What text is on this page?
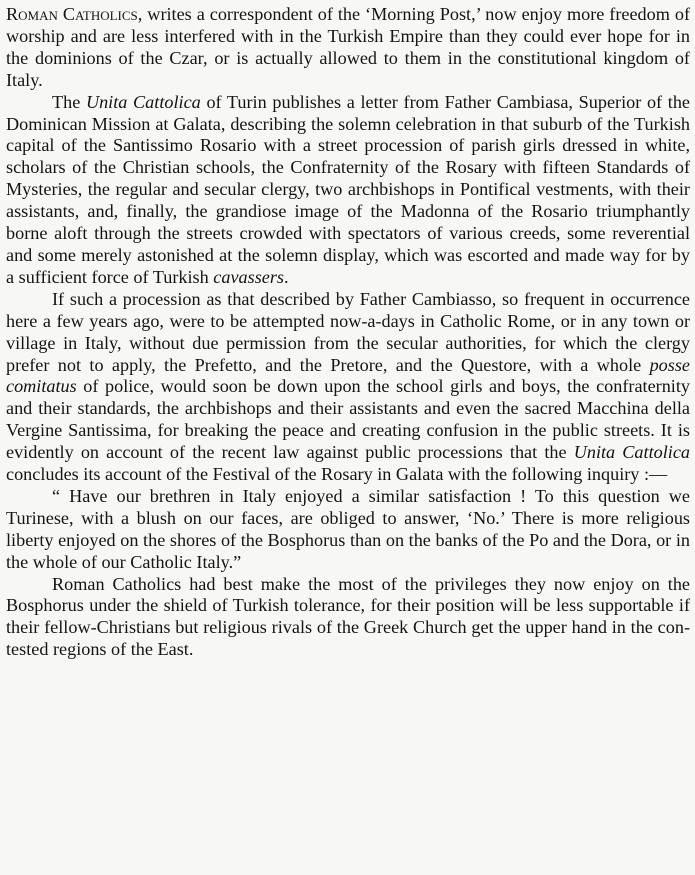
Roman Catholics, writes a correspondent of the ‘Morning Post,’ now enjoy more freedom of worship and are less interfered with in the Turkish Empire than they could ever hope for in the dominions of the Czar, or is actually allowed to them in the constitutional kingdom of Italy.

The Unita Cattolica of Turin publishes a letter from Father Cambiasa, Superior of the Dominican Mission at Galata, describing the solemn celebration in that suburb of the Turkish capital of the Santissimo Rosario with a street procession of parish girls dressed in white, scholars of the Christian schools, the Confraternity of the Rosary with fifteen Standards of Mysteries, the regular and secular clergy, two archbishops in Pontifical vestments, with their assistants, and, finally, the grandiose image of the Madonna of the Rosario triumphantly borne aloft through the streets crowded with spectators of various creeds, some reverential and some merely astonished at the solemn display, which was escorted and made way for by a sufficient force of Turkish cavassers.

If such a procession as that described by Father Cambiasso, so frequent in occurrence here a few years ago, were to be attempted now-a-days in Catholic Rome, or in any town or village in Italy, without due permission from the secular authorities, for which the clergy prefer not to apply, the Prefetto, and the Pretore, and the Questore, with a whole posse comitatus of police, would soon be down upon the school girls and boys, the confraternity and their standards, the archbishops and their assistants and even the sacred Macchina della Vergine Santissima, for breaking the peace and creating confusion in the public streets. It is evidently on account of the recent law against public processions that the Unita Cattolica concludes its account of the Festival of the Rosary in Galata with the following inquiry :—

“ Have our brethren in Italy enjoyed a similar satisfaction ! To this question we Turinese, with a blush on our faces, are obliged to answer, ‘No.’ There is more religious liberty enjoyed on the shores of the Bosphorus than on the banks of the Po and the Dora, or in the whole of our Catholic Italy.”

Roman Catholics had best make the most of the privileges they now enjoy on the Bosphorus under the shield of Turkish tolerance, for their position will be less supportable if their fellow-Christians but religious rivals of the Greek Church get the upper hand in the contested regions of the East.
